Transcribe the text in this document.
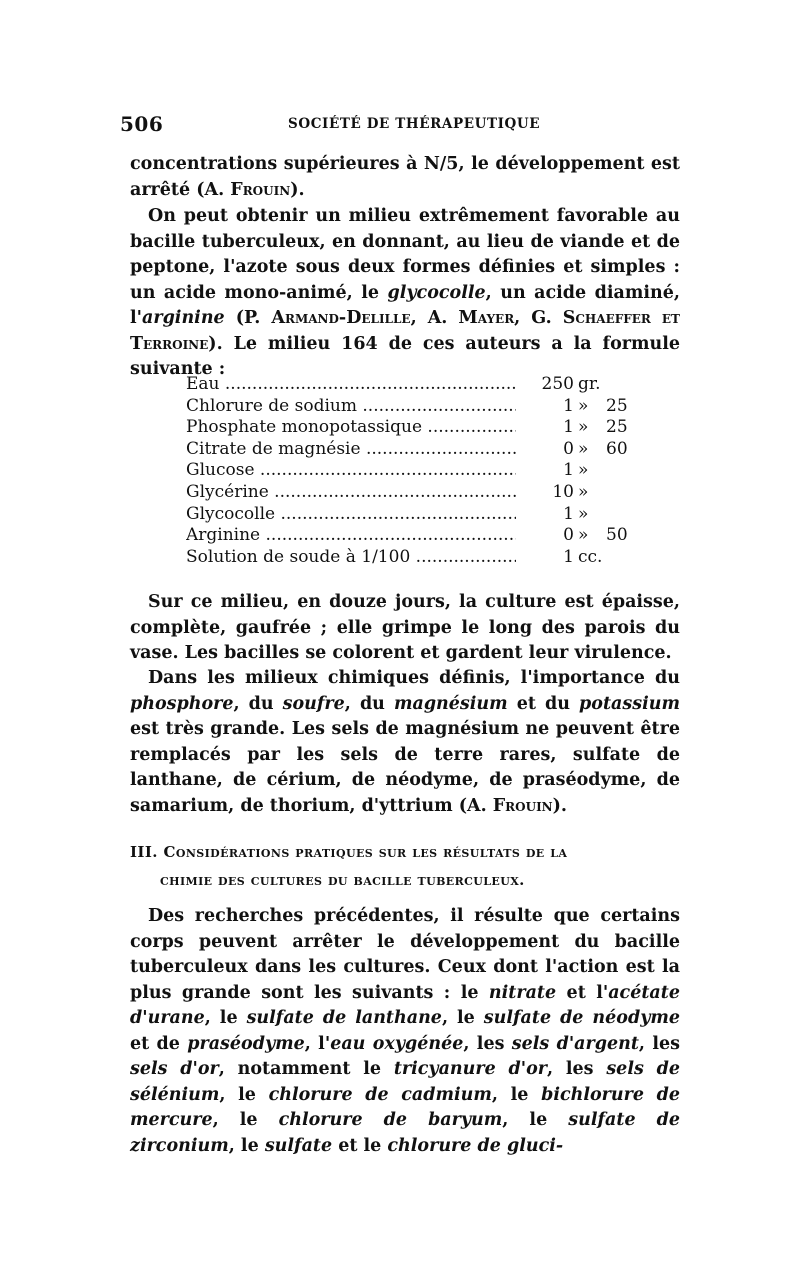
506	SOCIÉTÉ DE THÉRAPEUTIQUE

concentrations supérieures à N/5, le développement est arrêté (A. Frouin).

On peut obtenir un milieu extrêmement favorable au bacille tuberculeux, en donnant, au lieu de viande et de peptone, l'azote sous deux formes définies et simples : un acide mono-animé, le glycocolle, un acide diaminé, l'arginine (P. Armand-Delille, A. Mayer, G. Schaeffer et Terroine). Le milieu 164 de ces auteurs a la formule suivante :

Eau .....	250 gr.
Chlorure de sodium .....	1 »	25
Phosphate monopotassique .....	1 »	25
Citrate de magnésie .....	0 »	60
Glucose .....	1 »
Glycérine .....	10 »
Glycocolle .....	1 »
Arginine .....	0 »	50
Solution de soude à 1/100 .....	1 cc.

Sur ce milieu, en douze jours, la culture est épaisse, complète, gaufrée ; elle grimpe le long des parois du vase. Les bacilles se colorent et gardent leur virulence.

Dans les milieux chimiques définis, l'importance du phosphore, du soufre, du magnésium et du potassium est très grande. Les sels de magnésium ne peuvent être remplacés par les sels de terre rares, sulfate de lanthane, de cérium, de néodyme, de praséodyme, de samarium, de thorium, d'yttrium (A. Frouin).

III. Considérations pratiques sur les résultats de la
chimie des cultures du bacille tuberculeux.

Des recherches précédentes, il résulte que certains corps peuvent arrêter le développement du bacille tuberculeux dans les cultures. Ceux dont l'action est la plus grande sont les suivants : le nitrate et l'acétate d'urane, le sulfate de lanthane, le sulfate de néodyme et de praséodyme, l'eau oxygénée, les sels d'argent, les sels d'or, notamment le tricyanure d'or, les sels de sélénium, le chlorure de cadmium, le bichlorure de mercure, le chlorure de baryum, le sulfate de zirconium, le sulfate et le chlorure de gluci-
